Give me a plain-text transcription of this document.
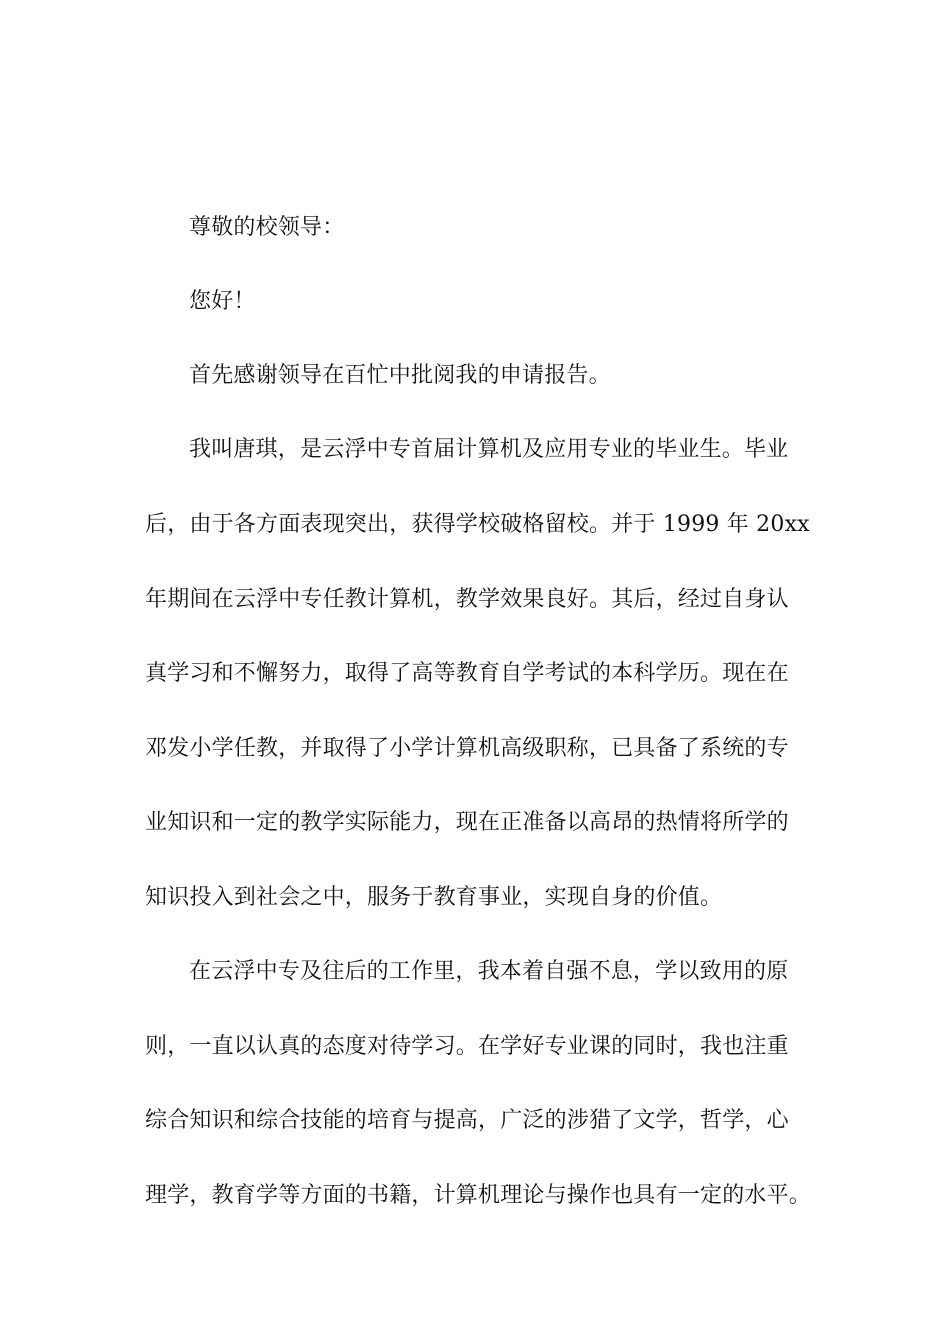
尊敬的校领导：
您好！
首先感谢领导在百忙中批阅我的申请报告。
我叫唐琪，是云浮中专首届计算机及应用专业的毕业生。毕业
后，由于各方面表现突出，获得学校破格留校。并于 1999 年 20xx
年期间在云浮中专任教计算机，教学效果良好。其后，经过自身认
真学习和不懈努力，取得了高等教育自学考试的本科学历。现在在
邓发小学任教，并取得了小学计算机高级职称，已具备了系统的专
业知识和一定的教学实际能力，现在正准备以高昂的热情将所学的
知识投入到社会之中，服务于教育事业，实现自身的价值。
在云浮中专及往后的工作里，我本着自强不息，学以致用的原
则，一直以认真的态度对待学习。在学好专业课的同时，我也注重
综合知识和综合技能的培育与提高，广泛的涉猎了文学，哲学，心
理学，教育学等方面的书籍，计算机理论与操作也具有一定的水平。
